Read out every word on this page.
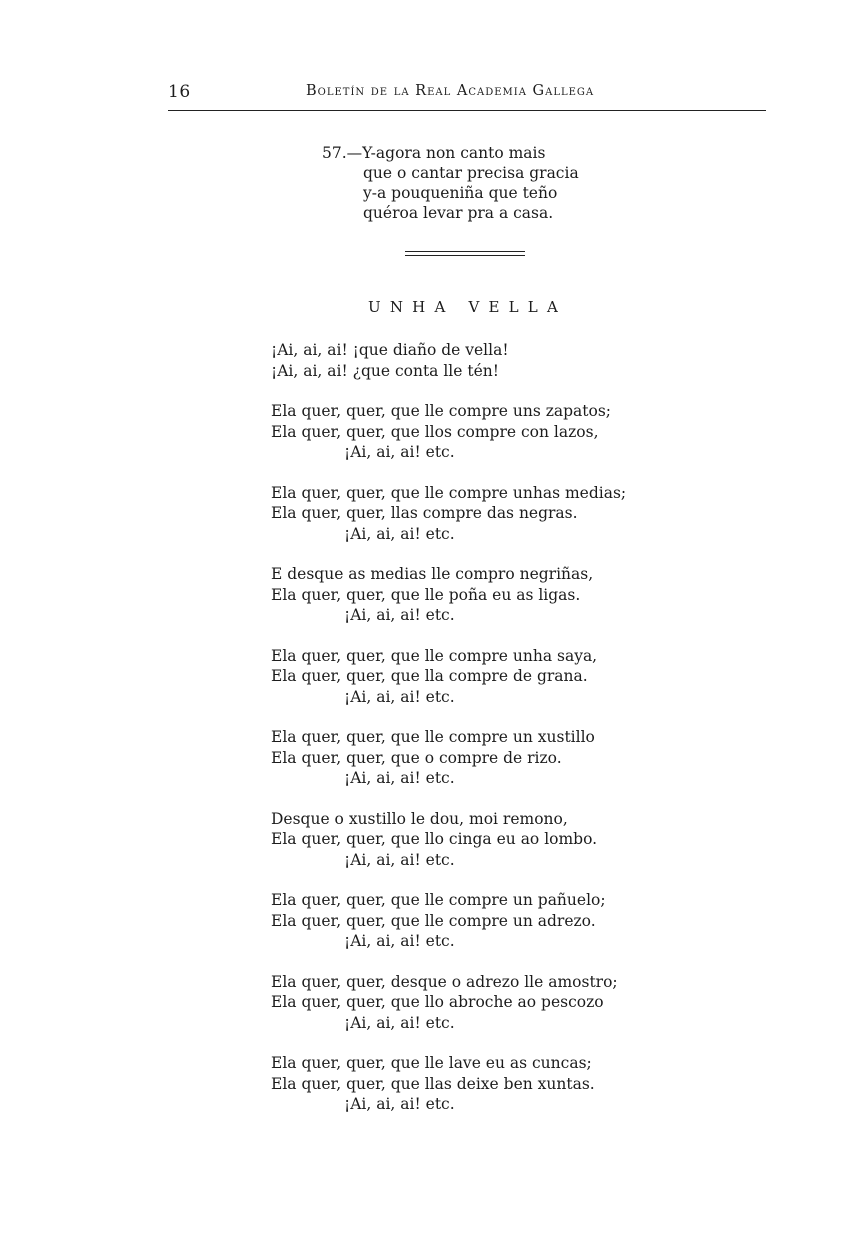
16	Boletín de la Real Academia Gallega
57.—Y-agora non canto mais
que o cantar precisa gracia
y-a pouqueniña que teño
quéroa levar pra a casa.
UNHA VELLA
¡Ai, ai, ai! ¡que diaño de vella!
¡Ai, ai, ai! ¿que conta lle tén!
Ela quer, quer, que lle compre uns zapatos;
Ela quer, quer, que llos compre con lazos,
¡Ai, ai, ai! etc.
Ela quer, quer, que lle compre unhas medias;
Ela quer, quer, llas compre das negras.
¡Ai, ai, ai! etc.
E desque as medias lle compro negriñas,
Ela quer, quer, que lle poña eu as ligas.
¡Ai, ai, ai! etc.
Ela quer, quer, que lle compre unha saya,
Ela quer, quer, que lla compre de grana.
¡Ai, ai, ai! etc.
Ela quer, quer, que lle compre un xustillo
Ela quer, quer, que o compre de rizo.
¡Ai, ai, ai! etc.
Desque o xustillo le dou, moi remono,
Ela quer, quer, que llo cinga eu ao lombo.
¡Ai, ai, ai! etc.
Ela quer, quer, que lle compre un pañuelo;
Ela quer, quer, que lle compre un adrezo.
¡Ai, ai, ai! etc.
Ela quer, quer, desque o adrezo lle amostro;
Ela quer, quer, que llo abroche ao pescozo
¡Ai, ai, ai! etc.
Ela quer, quer, que lle lave eu as cuncas;
Ela quer, quer, que llas deixe ben xuntas.
¡Ai, ai, ai! etc.
